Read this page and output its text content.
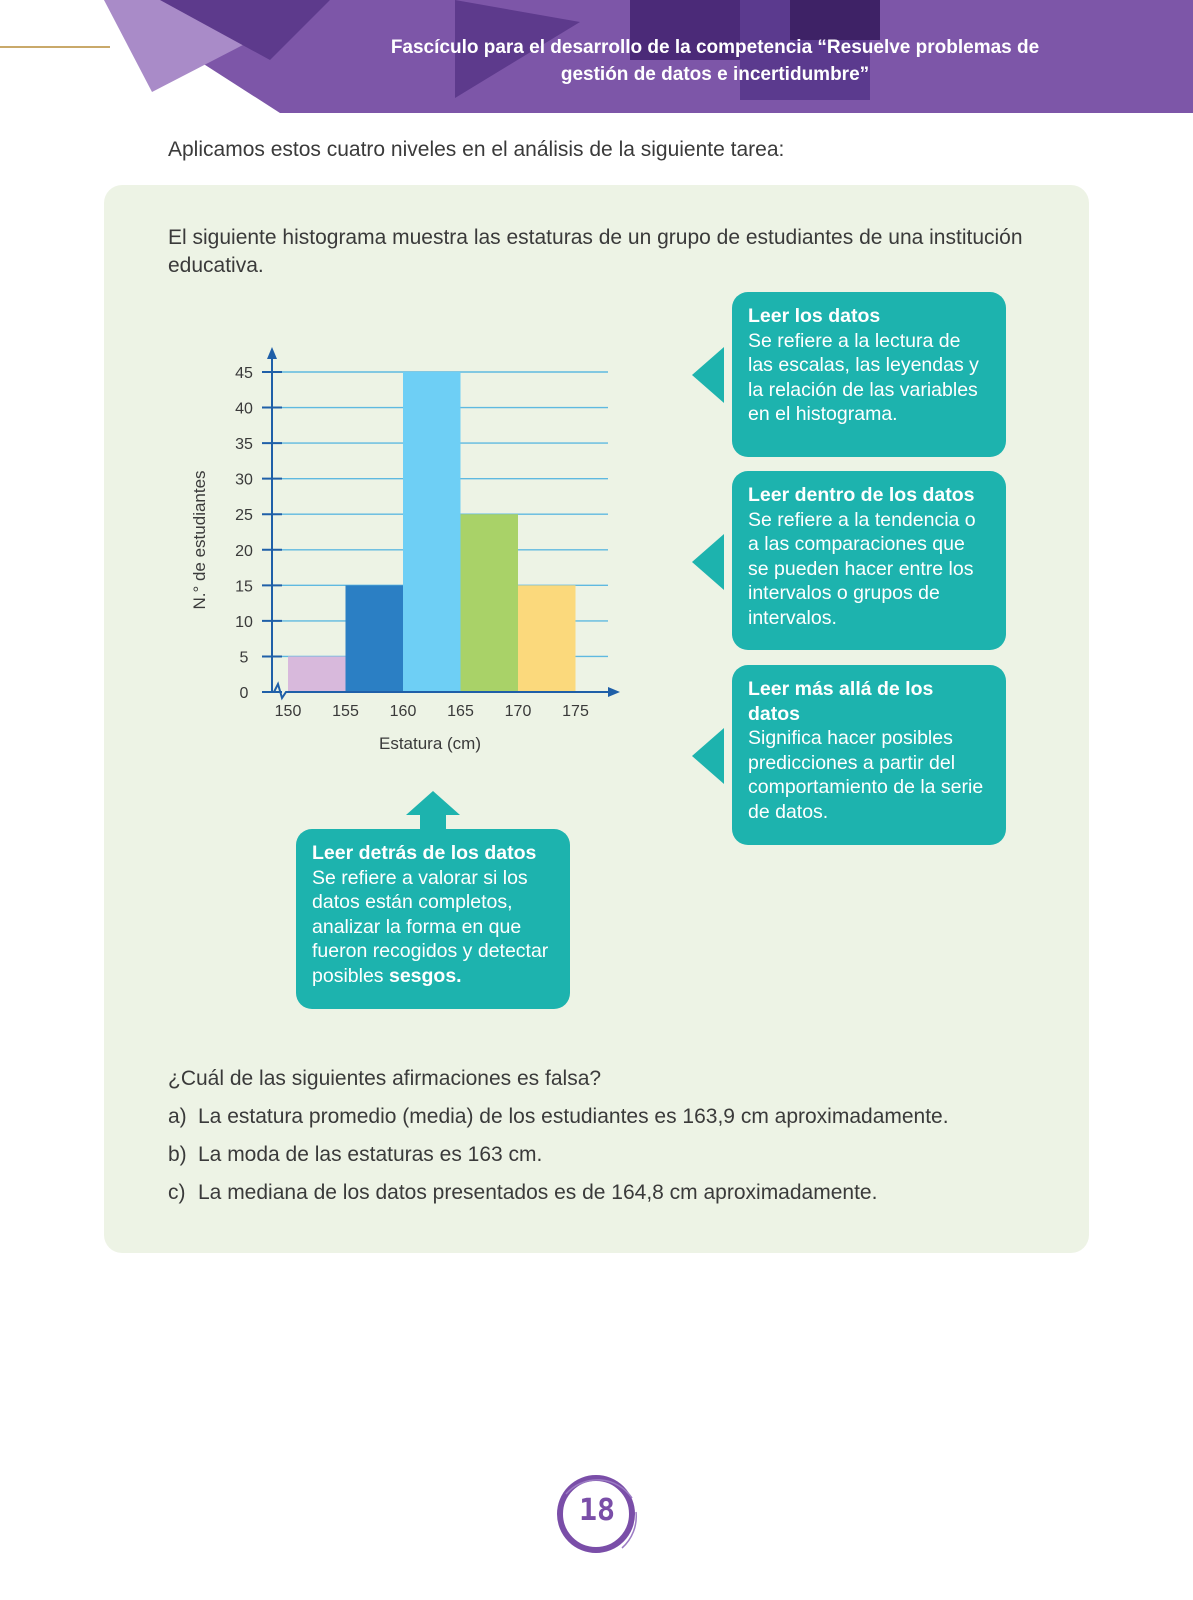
Fascículo para el desarrollo de la competencia “Resuelve problemas de
gestión de datos e incertidumbre”
Aplicamos estos cuatro niveles en el análisis de la siguiente tarea:
El siguiente histograma muestra las estaturas de un grupo de estudiantes de una institución educativa.
0
5
10
15
20
25
30
35
40
45
150 155 160 165 170 175
Estatura (cm)
N.° de estudiantes
Leer los datos
Se refiere a la lectura de las escalas, las leyendas y la relación de las variables en el histograma.
Leer dentro de los datos
Se refiere a la tendencia o a las comparaciones que se pueden hacer entre los intervalos o grupos de intervalos.
Leer más allá de los datos
Significa hacer posibles predicciones a partir del comportamiento de la serie de datos.
Leer detrás de los datos
Se refiere a valorar si los datos están completos, analizar la forma en que fueron recogidos y detectar posibles sesgos.
¿Cuál de las siguientes afirmaciones es falsa?
a) La estatura promedio (media) de los estudiantes es 163,9 cm aproximadamente.
b) La moda de las estaturas es 163 cm.
c) La mediana de los datos presentados es de 164,8 cm aproximadamente.
18
